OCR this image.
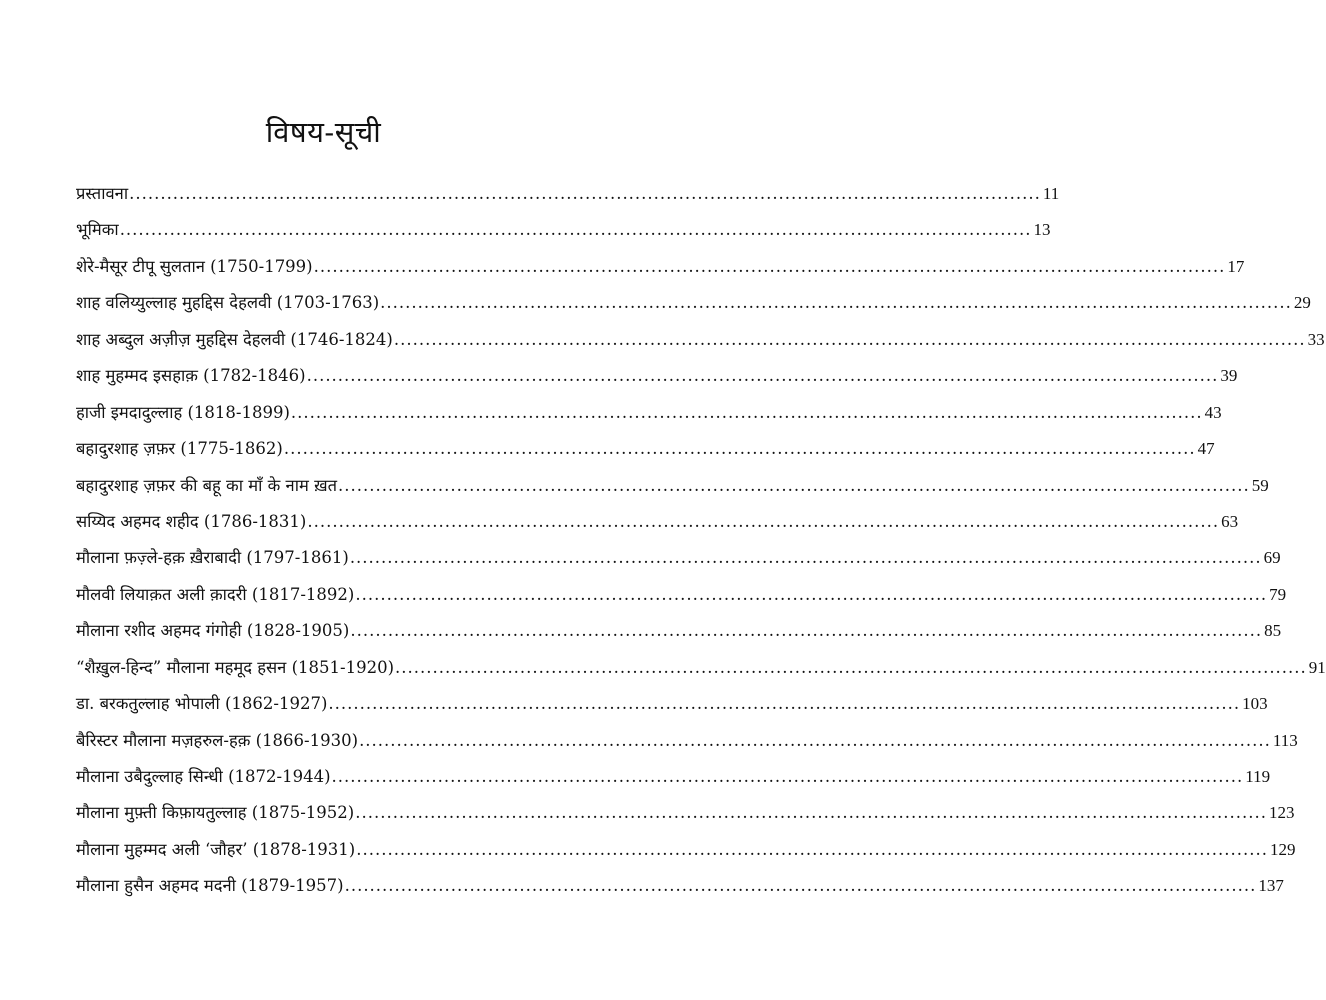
विषय-सूची
प्रस्तावना .....	11
भूमिका .....	13
शेरे-मैसूर टीपू सुलतान (1750-1799) .....	17
शाह वलिय्युल्लाह मुहद्दिस देहलवी (1703-1763) .....	29
शाह अब्दुल अज़ीज़ मुहद्दिस देहलवी (1746-1824) .....	33
शाह मुहम्मद इसहाक़ (1782-1846) .....	39
हाजी इमदादुल्लाह (1818-1899) .....	43
बहादुरशाह ज़फ़र (1775-1862) .....	47
बहादुरशाह ज़फ़र की बहू का माँ के नाम ख़त .....	59
सय्यिद अहमद शहीद (1786-1831) .....	63
मौलाना फ़ज़्ले-हक़ ख़ैराबादी (1797-1861) .....	69
मौलवी लियाक़त अली क़ादरी (1817-1892) .....	79
मौलाना रशीद अहमद गंगोही (1828-1905) .....	85
“शैख़ुल-हिन्द” मौलाना महमूद हसन (1851-1920) .....	91
डा. बरकतुल्लाह भोपाली (1862-1927) .....	103
बैरिस्टर मौलाना मज़हरुल-हक़ (1866-1930) .....	113
मौलाना उबैदुल्लाह सिन्धी (1872-1944) .....	119
मौलाना मुफ़्ती किफ़ायतुल्लाह (1875-1952) .....	123
मौलाना मुहम्मद अली ‘जौहर’ (1878-1931) .....	129
मौलाना हुसैन अहमद मदनी (1879-1957) .....	137
